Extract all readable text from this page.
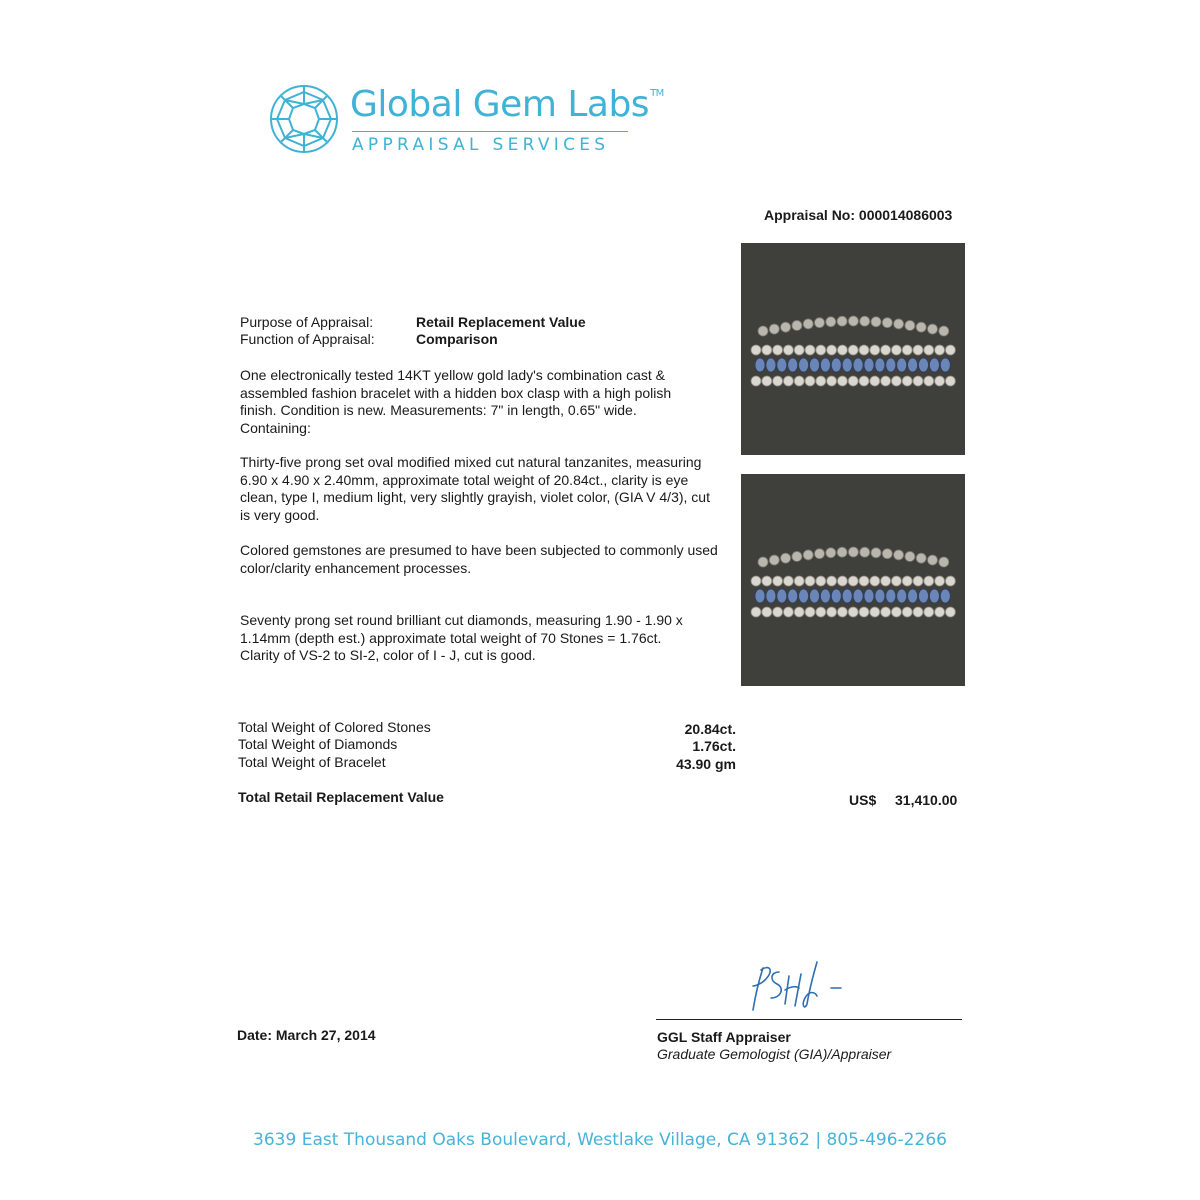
Global Gem Labs™
APPRAISAL SERVICES
Appraisal No: 000014086003
Purpose of Appraisal:	Retail Replacement Value
Function of Appraisal:	Comparison
One electronically tested 14KT yellow gold lady's combination cast & assembled fashion bracelet with a hidden box clasp with a high polish finish. Condition is new. Measurements: 7" in length, 0.65" wide. Containing:
Thirty-five prong set oval modified mixed cut natural tanzanites, measuring 6.90 x 4.90 x 2.40mm, approximate total weight of 20.84ct., clarity is eye clean, type I, medium light, very slightly grayish, violet color, (GIA V 4/3), cut is very good.
Colored gemstones are presumed to have been subjected to commonly used color/clarity enhancement processes.
Seventy prong set round brilliant cut diamonds, measuring 1.90 - 1.90 x 1.14mm (depth est.) approximate total weight of 70 Stones = 1.76ct. Clarity of VS-2 to SI-2, color of I - J, cut is good.
Total Weight of Colored Stones	20.84ct.
Total Weight of Diamonds	1.76ct.
Total Weight of Bracelet	43.90 gm
Total Retail Replacement Value	US$ 31,410.00
Date: March 27, 2014	GGL Staff Appraiser
Graduate Gemologist (GIA)/Appraiser
3639 East Thousand Oaks Boulevard, Westlake Village, CA 91362 | 805-496-2266
